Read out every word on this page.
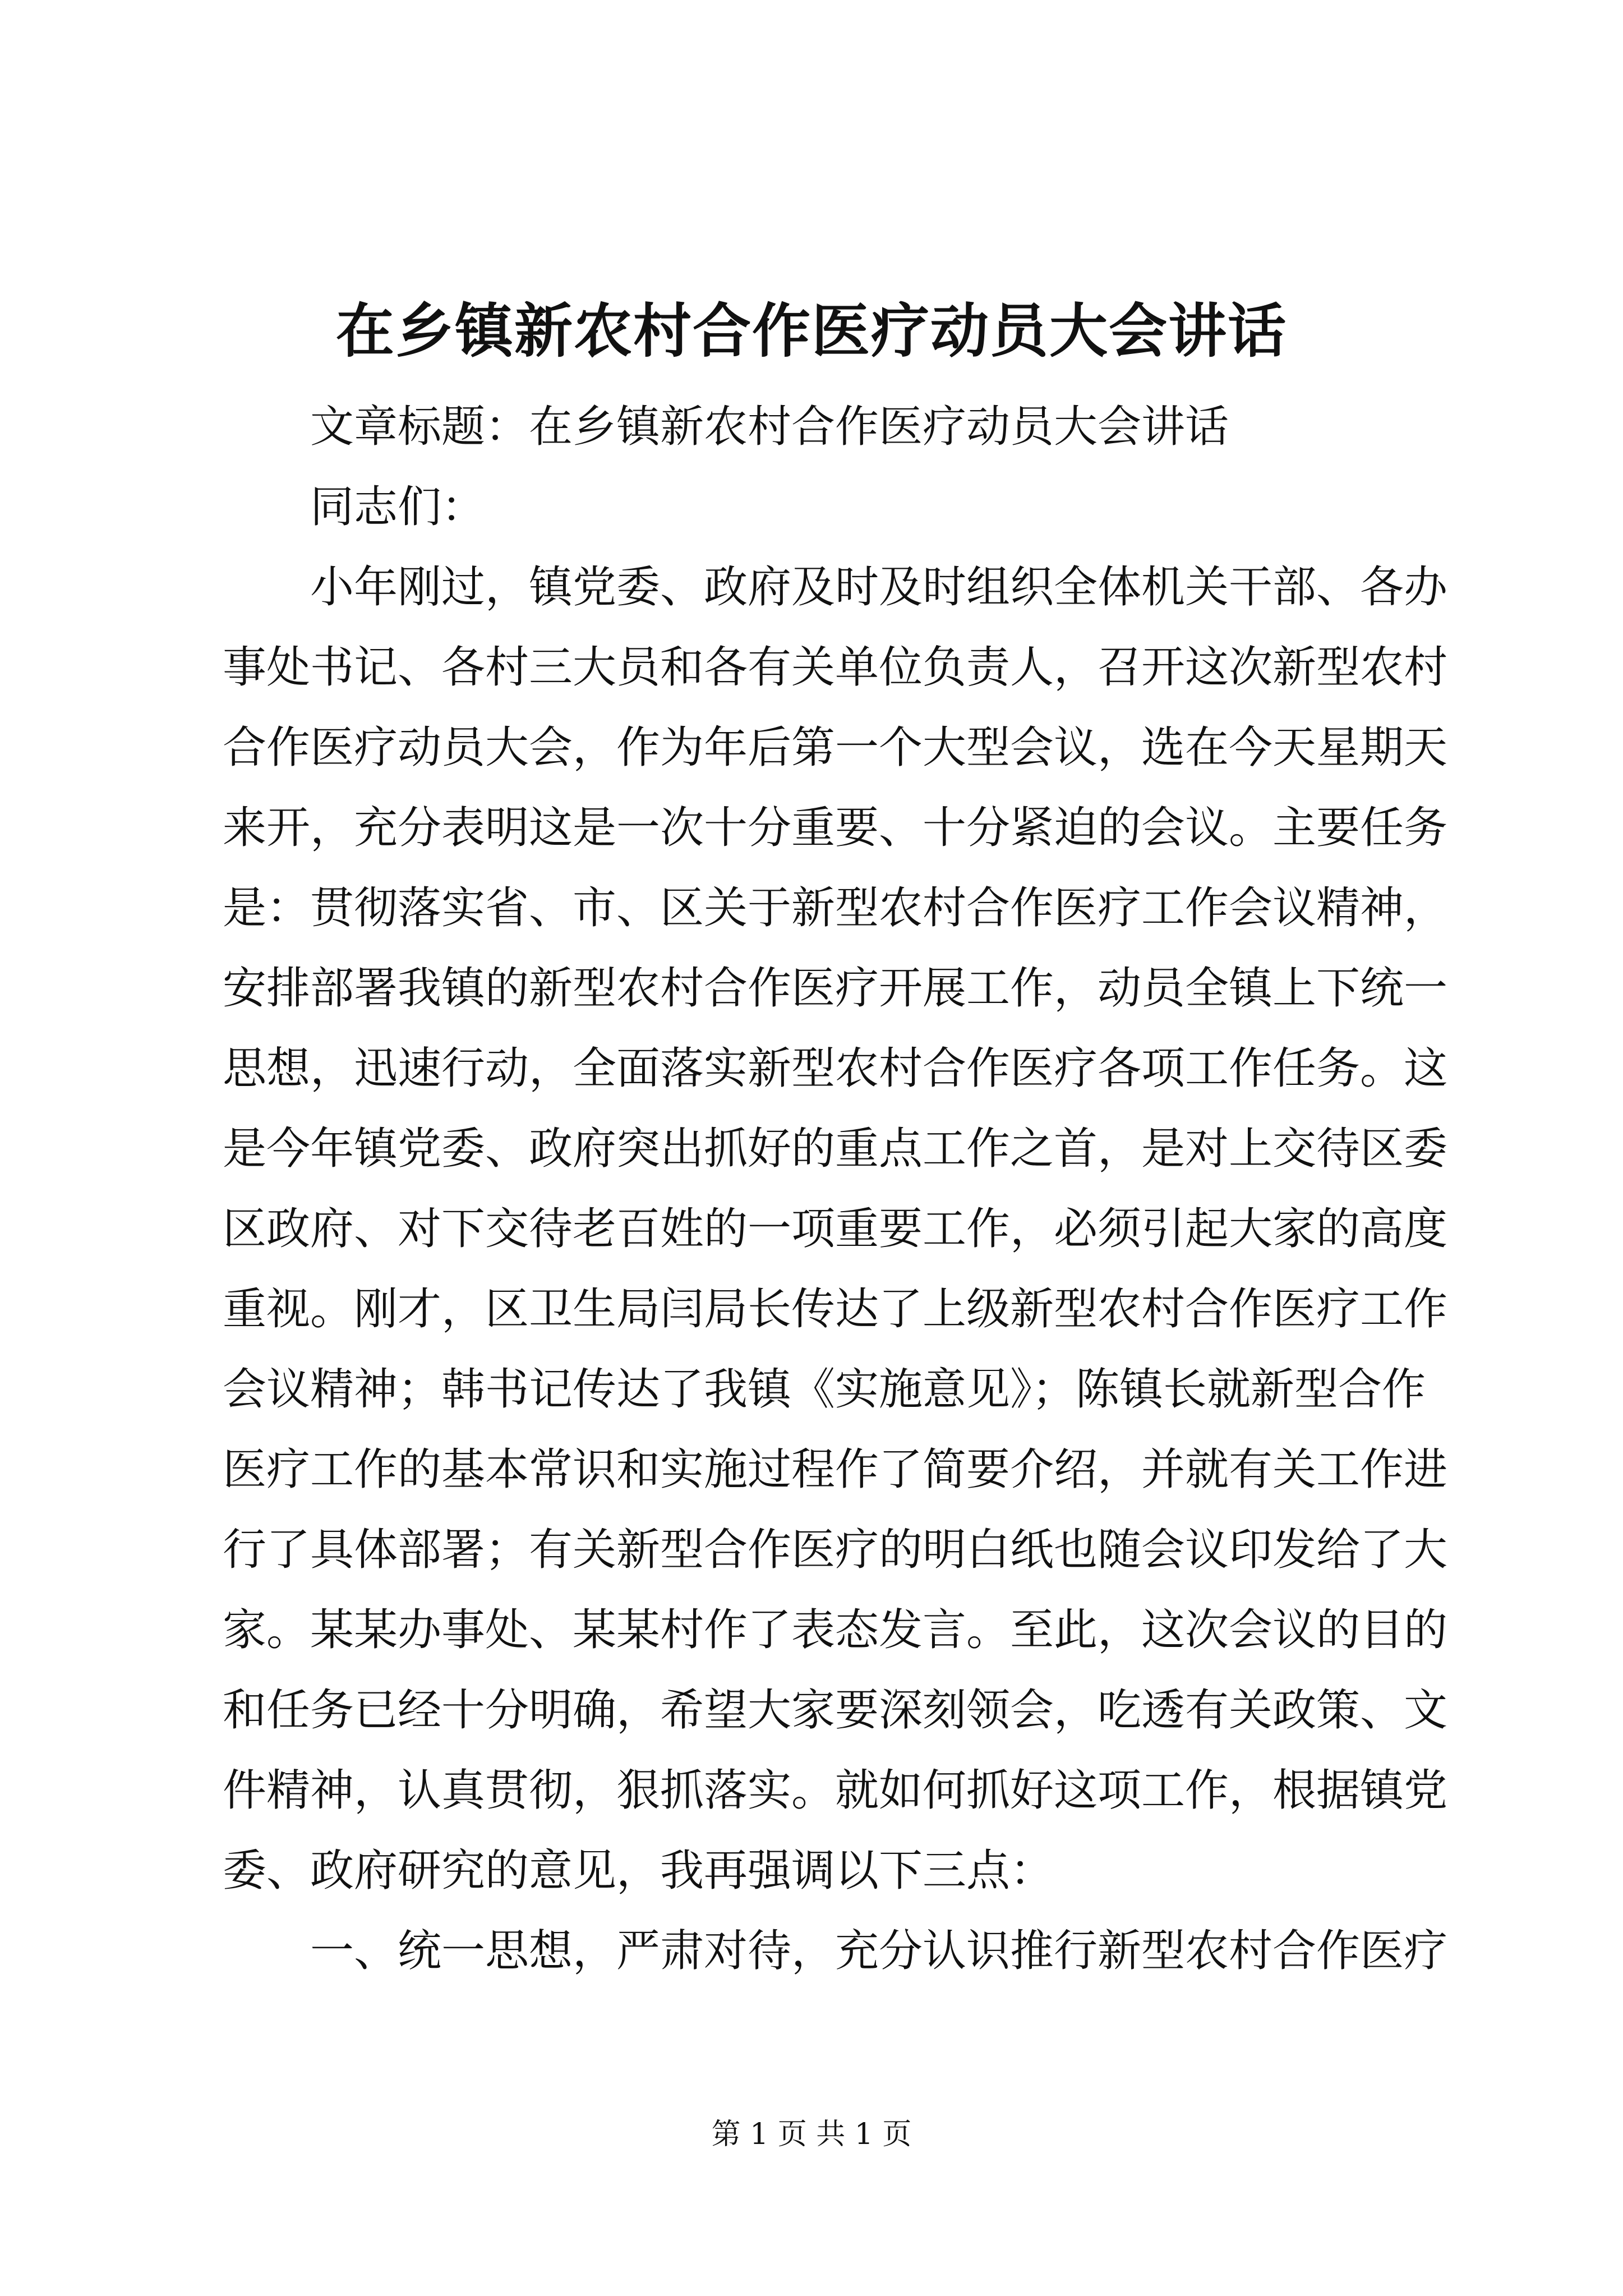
在乡镇新农村合作医疗动员大会讲话

文章标题：在乡镇新农村合作医疗动员大会讲话

同志们：

小年刚过，镇党委、政府及时及时组织全体机关干部、各办

事处书记、各村三大员和各有关单位负责人，召开这次新型农村

合作医疗动员大会，作为年后第一个大型会议，选在今天星期天

来开，充分表明这是一次十分重要、十分紧迫的会议。主要任务

是：贯彻落实省、市、区关于新型农村合作医疗工作会议精神，

安排部署我镇的新型农村合作医疗开展工作，动员全镇上下统一

思想，迅速行动，全面落实新型农村合作医疗各项工作任务。这

是今年镇党委、政府突出抓好的重点工作之首，是对上交待区委

区政府、对下交待老百姓的一项重要工作，必须引起大家的高度

重视。刚才，区卫生局闫局长传达了上级新型农村合作医疗工作

会议精神；韩书记传达了我镇《实施意见》；陈镇长就新型合作

医疗工作的基本常识和实施过程作了简要介绍，并就有关工作进

行了具体部署；有关新型合作医疗的明白纸也随会议印发给了大

家。某某办事处、某某村作了表态发言。至此，这次会议的目的

和任务已经十分明确，希望大家要深刻领会，吃透有关政策、文

件精神，认真贯彻，狠抓落实。就如何抓好这项工作，根据镇党

委、政府研究的意见，我再强调以下三点：

一、统一思想，严肃对待，充分认识推行新型农村合作医疗

第 1 页 共 1 页
